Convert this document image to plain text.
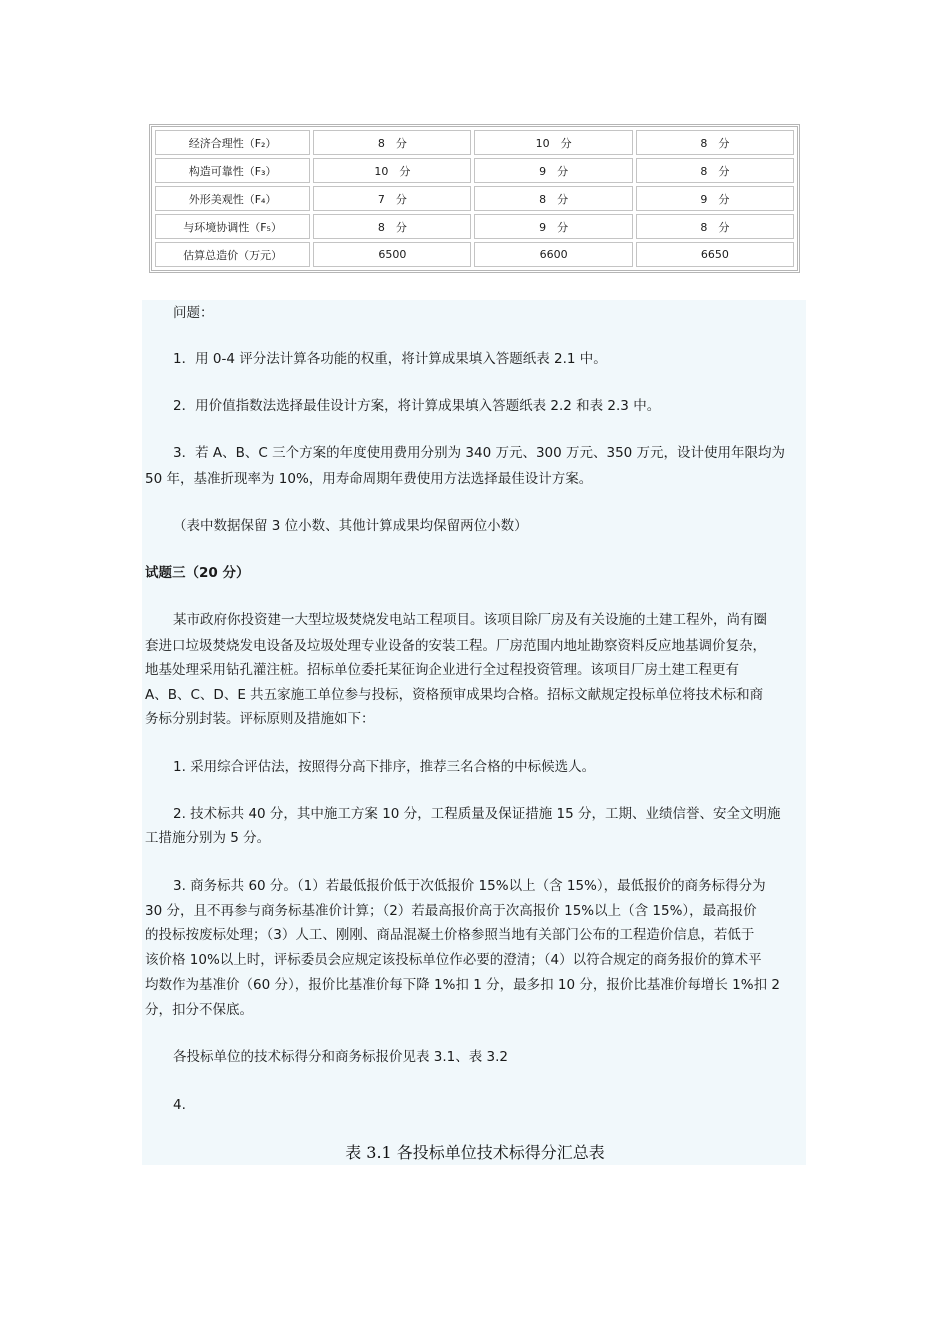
经济合理性（F₂）	8　分	10　分	8　分
构造可靠性（F₃）	10　分	9　分	8　分
外形美观性（F₄）	7　分	8　分	9　分
与环境协调性（F₅）	8　分	9　分	8　分
估算总造价（万元）	6500	6600	6650
问题：
1．用 0-4 评分法计算各功能的权重，将计算成果填入答题纸表 2.1 中。
2．用价值指数法选择最佳设计方案，将计算成果填入答题纸表 2.2 和表 2.3 中。
3．若 A、B、C 三个方案的年度使用费用分别为 340 万元、300 万元、350 万元，设计使用年限均为
50 年，基准折现率为 10%，用寿命周期年费使用方法选择最佳设计方案。
（表中数据保留 3 位小数、其他计算成果均保留两位小数）
试题三（20 分）
某市政府你投资建一大型垃圾焚烧发电站工程项目。该项目除厂房及有关设施的土建工程外，尚有圈
套进口垃圾焚烧发电设备及垃圾处理专业设备的安装工程。厂房范围内地址勘察资料反应地基调价复杂，
地基处理采用钻孔灌注桩。招标单位委托某征询企业进行全过程投资管理。该项目厂房土建工程更有
A、B、C、D、E 共五家施工单位参与投标，资格预审成果均合格。招标文献规定投标单位将技术标和商
务标分别封装。评标原则及措施如下：
1. 采用综合评估法，按照得分高下排序，推荐三名合格的中标候选人。
2. 技术标共 40 分，其中施工方案 10 分，工程质量及保证措施 15 分，工期、业绩信誉、安全文明施
工措施分别为 5 分。
3. 商务标共 60 分。（1）若最低报价低于次低报价 15%以上（含 15%），最低报价的商务标得分为
30 分，且不再参与商务标基准价计算；（2）若最高报价高于次高报价 15%以上（含 15%），最高报价
的投标按废标处理；（3）人工、刚刚、商品混凝土价格参照当地有关部门公布的工程造价信息，若低于
该价格 10%以上时，评标委员会应规定该投标单位作必要的澄清；（4）以符合规定的商务报价的算术平
均数作为基准价（60 分），报价比基准价每下降 1%扣 1 分，最多扣 10 分，报价比基准价每增长 1%扣 2
分，扣分不保底。
各投标单位的技术标得分和商务标报价见表 3.1、表 3.2
4.
表 3.1 各投标单位技术标得分汇总表
